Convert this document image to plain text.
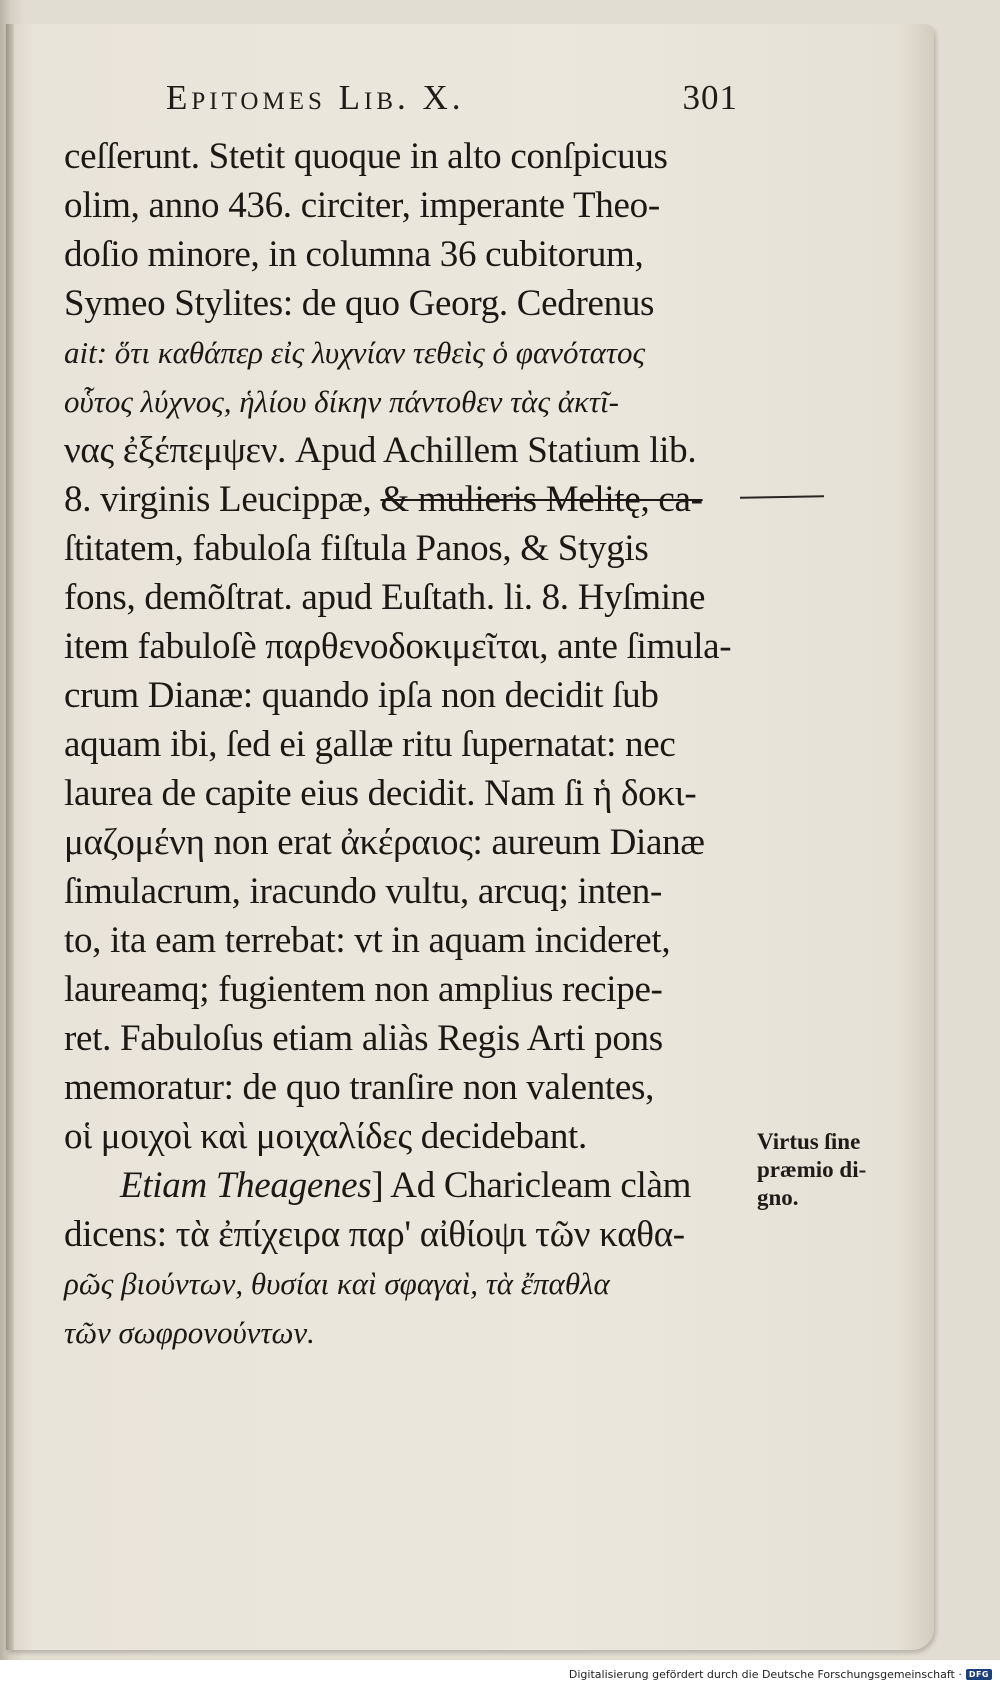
Epitomes Lib. X.	301
ceſſerunt. Stetit quoque in alto conſpicuus
olim, anno 436. circiter, imperante Theo-
doſio minore, in columna 36 cubitorum,
Symeo Stylites: de quo Georg. Cedrenus
ait: ὅτι καθάπερ εἰς λυχνίαν τεθεὶς ὁ φανότατος
οὗτος λύχνος, ἡλίου δίκην πάντοθεν τὰς ἀκτῖ-
νας ἐξέπεμψεν. Apud Achillem Statium lib.
8. virginis Leucippæ, & mulieris Melitę, ca-
ſtitatem, fabuloſa fiſtula Panos, & Stygis
fons, demõſtrat. apud Euſtath. li. 8. Hyſmine
item fabuloſè παρθενοδοκιμεῖται, ante ſimula-
crum Dianæ: quando ipſa non decidit ſub
aquam ibi, ſed ei gallæ ritu ſupernatat: nec
laurea de capite eius decidit. Nam ſi ἡ δοκι-
μαζομένη non erat ἀκέραιος: aureum Dianæ
ſimulacrum, iracundo vultu, arcuq; inten-
to, ita eam terrebat: vt in aquam incideret,
laureamq; fugientem non amplius recipe-
ret. Fabuloſus etiam aliàs Regis Arti pons
memoratur: de quo tranſire non valentes,
οἱ μοιχοὶ καὶ μοιχαλίδες decidebant.
Etiam Theagenes] Ad Charicleam clàm
dicens: τὰ ἐπίχειρα παρ' αἰθίοψι τῶν καθα-
ρῶς βιούντων, θυσίαι καὶ σφαγαὶ, τὰ ἔπαθλα
τῶν σωφρονούντων.
Virtus ſine
præmio di-
gno.
Digitalisierung gefördert durch die Deutsche Forschungsgemeinschaft · DFG
